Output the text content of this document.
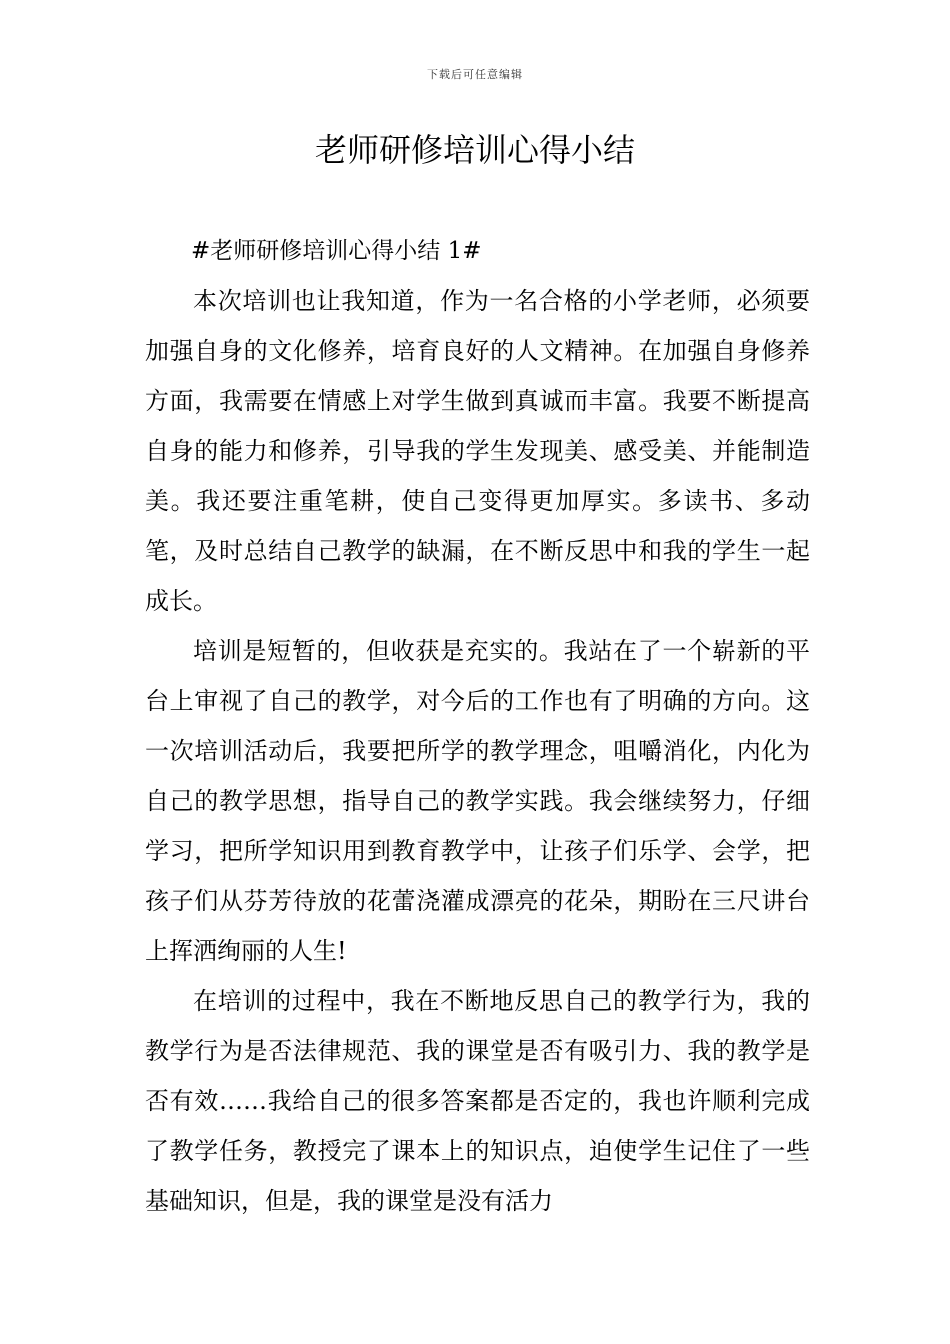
下载后可任意编辑
老师研修培训心得小结
#老师研修培训心得小结 1#

本次培训也让我知道，作为一名合格的小学老师，必须要加强自身的文化修养，培育良好的人文精神。在加强自身修养方面，我需要在情感上对学生做到真诚而丰富。我要不断提高自身的能力和修养，引导我的学生发现美、感受美、并能制造美。我还要注重笔耕，使自己变得更加厚实。多读书、多动笔，及时总结自己教学的缺漏，在不断反思中和我的学生一起成长。

培训是短暂的，但收获是充实的。我站在了一个崭新的平台上审视了自己的教学，对今后的工作也有了明确的方向。这一次培训活动后，我要把所学的教学理念，咀嚼消化，内化为自己的教学思想，指导自己的教学实践。我会继续努力，仔细学习，把所学知识用到教育教学中，让孩子们乐学、会学，把孩子们从芬芳待放的花蕾浇灌成漂亮的花朵，期盼在三尺讲台上挥洒绚丽的人生!

在培训的过程中，我在不断地反思自己的教学行为，我的教学行为是否法律规范、我的课堂是否有吸引力、我的教学是否有效……我给自己的很多答案都是否定的，我也许顺利完成了教学任务，教授完了课本上的知识点，迫使学生记住了一些基础知识，但是，我的课堂是没有活力
